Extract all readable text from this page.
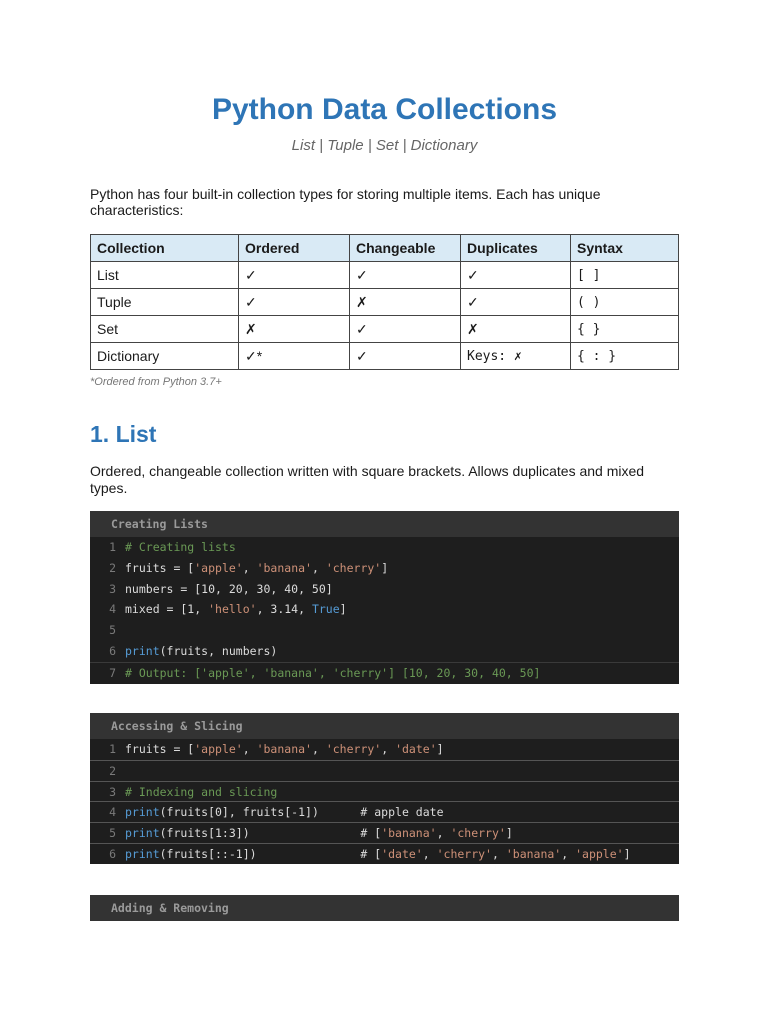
Python Data Collections
List | Tuple | Set | Dictionary

Python has four built-in collection types for storing multiple items. Each has unique characteristics:

Collection	Ordered	Changeable	Duplicates	Syntax
List	✓	✓	✓	[ ]
Tuple	✓	✗	✓	( )
Set	✗	✓	✗	{ }
Dictionary	✓*	✓	Keys: ✗	{ : }
*Ordered from Python 3.7+
1. List

Ordered, changeable collection written with square brackets. Allows duplicates and mixed types.

Creating Lists
1 # Creating lists
2 fruits = ['apple', 'banana', 'cherry']
3 numbers = [10, 20, 30, 40, 50]
4 mixed = [1, 'hello', 3.14, True]
5
6 print(fruits, numbers)
7 # Output: ['apple', 'banana', 'cherry'] [10, 20, 30, 40, 50]
Accessing & Slicing
1 fruits = ['apple', 'banana', 'cherry', 'date']
2
3 # Indexing and slicing
4 print(fruits[0], fruits[-1])      # apple date
5 print(fruits[1:3])                # ['banana', 'cherry']
6 print(fruits[::-1])               # ['date', 'cherry', 'banana', 'apple']
Adding & Removing
